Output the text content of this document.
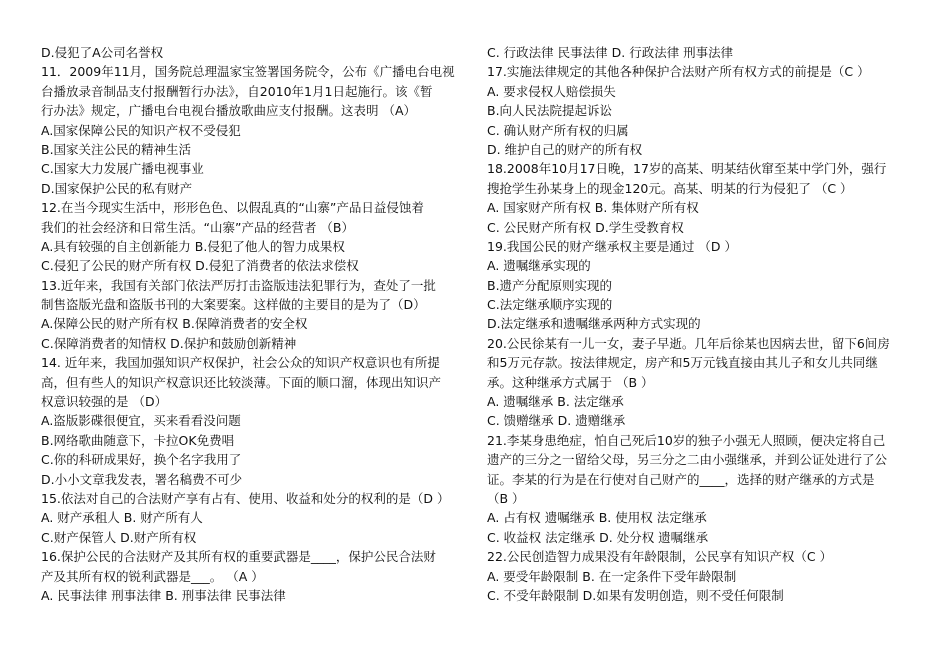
D.侵犯了A公司名誉权
11．2009年11月，国务院总理温家宝签署国务院令，公布《广播电台电视
台播放录音制品支付报酬暂行办法》，自2010年1月1日起施行。该《暂
行办法》规定，广播电台电视台播放歌曲应支付报酬。这表明 （A）
A.国家保障公民的知识产权不受侵犯
B.国家关注公民的精神生活
C.国家大力发展广播电视事业
D.国家保护公民的私有财产
12.在当今现实生活中，形形色色、以假乱真的“山寨”产品日益侵蚀着
我们的社会经济和日常生活。“山寨”产品的经营者 （B）
A.具有较强的自主创新能力 B.侵犯了他人的智力成果权
C.侵犯了公民的财产所有权 D.侵犯了消费者的依法求偿权
13.近年来，我国有关部门依法严厉打击盗版违法犯罪行为，查处了一批
制售盗版光盘和盗版书刊的大案要案。这样做的主要目的是为了（D）
A.保障公民的财产所有权 B.保障消费者的安全权
C.保障消费者的知情权 D.保护和鼓励创新精神
14. 近年来，我国加强知识产权保护，社会公众的知识产权意识也有所提
高，但有些人的知识产权意识还比较淡薄。下面的顺口溜，体现出知识产
权意识较强的是 （D）
A.盗版影碟很便宜，买来看看没问题
B.网络歌曲随意下，卡拉OK免费唱
C.你的科研成果好，换个名字我用了
D.小小文章我发表，署名稿费不可少
15.依法对自己的合法财产享有占有、使用、收益和处分的权利的是（D ）
A. 财产承租人 B. 财产所有人
C.财产保管人 D.财产所有权
16.保护公民的合法财产及其所有权的重要武器是____，保护公民合法财
产及其所有权的锐利武器是___。 （A ）
A. 民事法律 刑事法律 B. 刑事法律 民事法律
C. 行政法律 民事法律 D. 行政法律 刑事法律
17.实施法律规定的其他各种保护合法财产所有权方式的前提是（C ）
A. 要求侵权人赔偿损失
B.向人民法院提起诉讼
C. 确认财产所有权的归属
D. 维护自己的财产的所有权
18.2008年10月17日晚，17岁的高某、明某结伙窜至某中学门外，强行
搜抢学生孙某身上的现金120元。高某、明某的行为侵犯了 （C ）
A. 国家财产所有权 B. 集体财产所有权
C. 公民财产所有权 D.学生受教育权
19.我国公民的财产继承权主要是通过 （D ）
A. 遗嘱继承实现的
B.遗产分配原则实现的
C.法定继承顺序实现的
D.法定继承和遗嘱继承两种方式实现的
20.公民徐某有一儿一女，妻子早逝。几年后徐某也因病去世，留下6间房
和5万元存款。按法律规定，房产和5万元钱直接由其儿子和女儿共同继
承。这种继承方式属于 （B ）
A. 遗嘱继承 B. 法定继承
C. 馈赠继承 D. 遗赠继承
21.李某身患绝症，怕自己死后10岁的独子小强无人照顾，便决定将自己
遗产的三分之一留给父母，另三分之二由小强继承，并到公证处进行了公
证。李某的行为是在行使对自己财产的____，选择的财产继承的方式是
（B ）
A. 占有权 遗嘱继承 B. 使用权 法定继承
C. 收益权 法定继承 D. 处分权 遗嘱继承
22.公民创造智力成果没有年龄限制，公民享有知识产权（C ）
A. 要受年龄限制 B. 在一定条件下受年龄限制
C. 不受年龄限制 D.如果有发明创造，则不受任何限制
